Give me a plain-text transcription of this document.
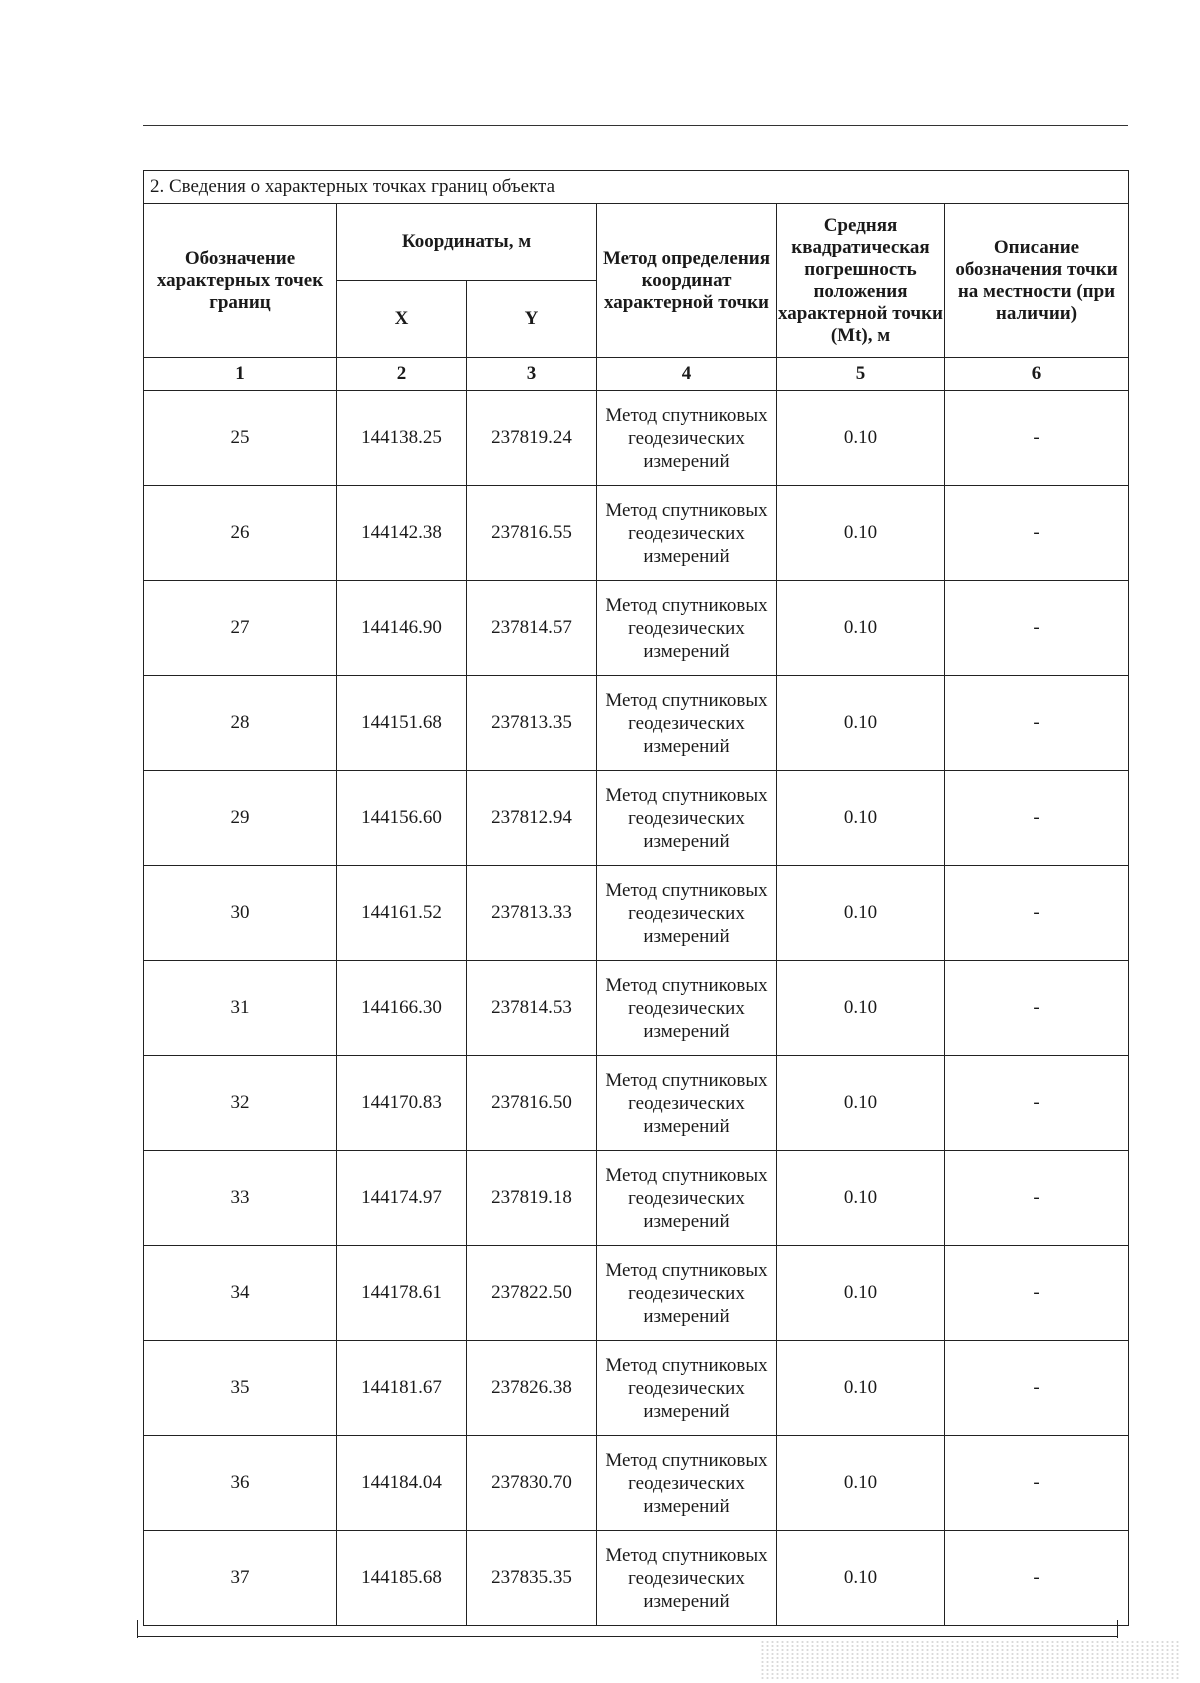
2. Сведения о характерных точках границ объекта					
Обозначение характерных точек границ	Координаты, м		Метод определения координат характерной точки	Средняя квадратическая погрешность положения характерной точки (Mt), м	Описание обозначения точки на местности (при наличии)
	X	Y			
1	2	3	4	5	6
25	144138.25	237819.24	Метод спутниковых геодезических измерений	0.10	-
26	144142.38	237816.55	Метод спутниковых геодезических измерений	0.10	-
27	144146.90	237814.57	Метод спутниковых геодезических измерений	0.10	-
28	144151.68	237813.35	Метод спутниковых геодезических измерений	0.10	-
29	144156.60	237812.94	Метод спутниковых геодезических измерений	0.10	-
30	144161.52	237813.33	Метод спутниковых геодезических измерений	0.10	-
31	144166.30	237814.53	Метод спутниковых геодезических измерений	0.10	-
32	144170.83	237816.50	Метод спутниковых геодезических измерений	0.10	-
33	144174.97	237819.18	Метод спутниковых геодезических измерений	0.10	-
34	144178.61	237822.50	Метод спутниковых геодезических измерений	0.10	-
35	144181.67	237826.38	Метод спутниковых геодезических измерений	0.10	-
36	144184.04	237830.70	Метод спутниковых геодезических измерений	0.10	-
37	144185.68	237835.35	Метод спутниковых геодезических измерений	0.10	-
